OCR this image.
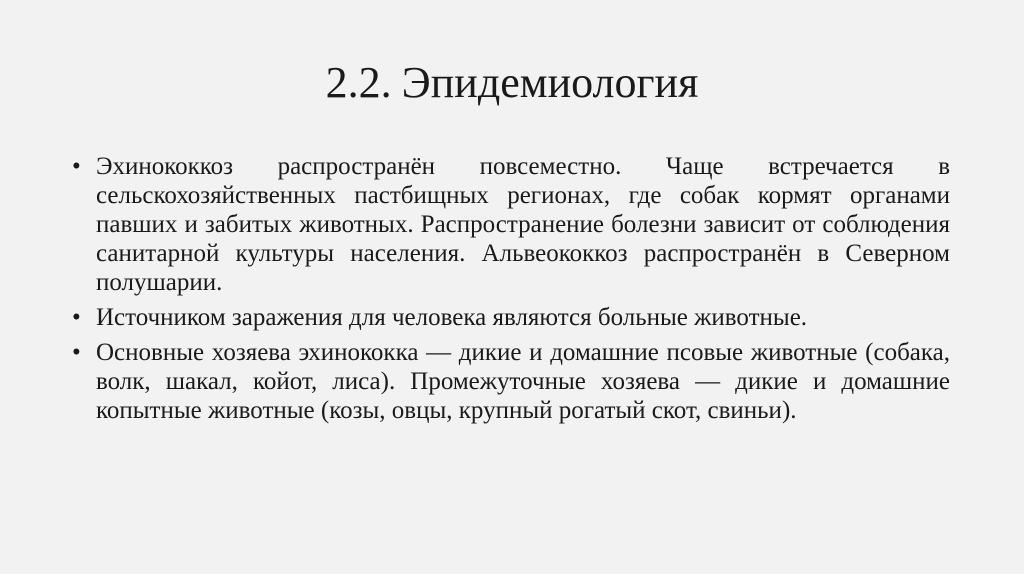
2.2. Эпидемиология
• Эхинококкоз распространён повсеместно. Чаще встречается в сельскохозяйственных пастбищных регионах, где собак кормят органами павших и забитых животных. Распространение болезни зависит от соблюдения санитарной культуры населения. Альвеококкоз распространён в Северном полушарии.
• Источником заражения для человека являются больные животные.
• Основные хозяева эхинококка — дикие и домашние псовые животные (собака, волк, шакал, койот, лиса). Промежуточные хозяева — дикие и домашние копытные животные (козы, овцы, крупный рогатый скот, свиньи).
